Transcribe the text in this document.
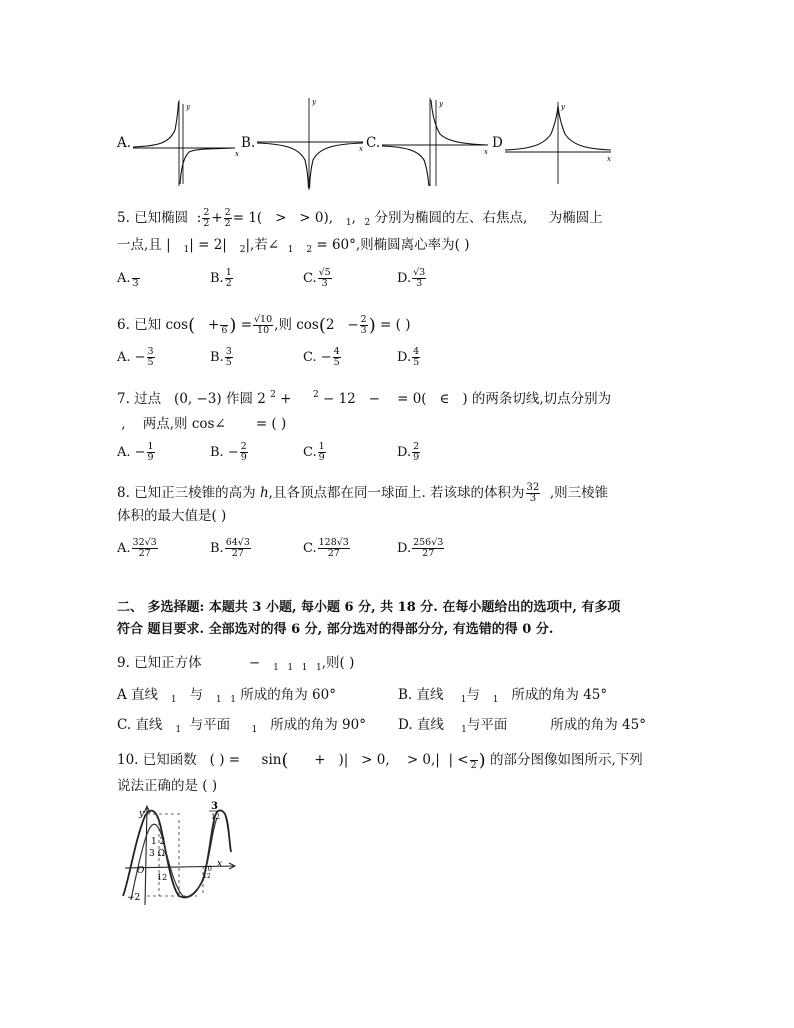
A.
x
y
B.	x
y
C.
x
y
D
x
y
5. 已知椭圆  : $\frac{2}{2} + \frac{2}{2} = 1$( > > 0), $_1$,  $_2$ 分别为椭圆的左、右焦点, 为椭圆上
一点,且 | $_1$| = 2| $_2$|,若∠ $_1$ $_2$ = 60°,则椭圆离心率为( )
A.
3	B. $\frac{1}{2}$	C. $\frac{√5}{3}$	D. $\frac{√3}{3}$
6. 已知 cos( +
6 ) = $\frac{√10}{10}$ ,则 $\cos(2 - \frac{2}{3}$ ) = ( )
A. − $\frac{3}{5}$	B. $\frac{3}{5}$	C. − $\frac{4}{5}$	D. $\frac{4}{5}$
7. 过点 (0, −3) 作圆 2 $^2$ + $^2$ − 12 − = 0( ∈ ) 的两条切线,切点分别为
, 两点,则 cos∠ = ( )
A. − $\frac{1}{9}$	B. − $\frac{2}{9}$	C. $\frac{1}{9}$	D. $\frac{2}{9}$
8. 已知正三棱锥的高为 h,且各顶点都在同一球面上. 若该球的体积为 $\frac{32}{3}$ ,则三棱锥
体积的最大值是( )
A. $\frac{32√3}{27}$	B. $\frac{64√3}{27}$	C. $\frac{128√3}{27}$	D. $\frac{256√3}{27}$
二、 多选择题: 本题共 3 小题, 每小题 6 分, 共 18 分. 在每小题给出的选项中, 有多项
符合 题目要求. 全部选对的得 6 分, 部分选对的得部分分, 有选错的得 0 分.
9. 已知正方体	− $_{1 1 1 1}$,则( )
A 直线 $_1$ 与 $_{1 1}$ 所成的角为 60°	B. 直线 $_1$与 $_1$ 所成的角为 45°
C. 直线 $_1$ 与平面 $_1$ 所成的角为 90° D. 直线 $_1$与平面	所成的角为 45°
10. 已知函数 ( ) = sin( + )| > 0, > 0,| | <
2 ) 的部分图像如图所示,下列
说法正确的是 ( )
3
12
1 2
3 Ω
O
12
y
x
10
12
−2
